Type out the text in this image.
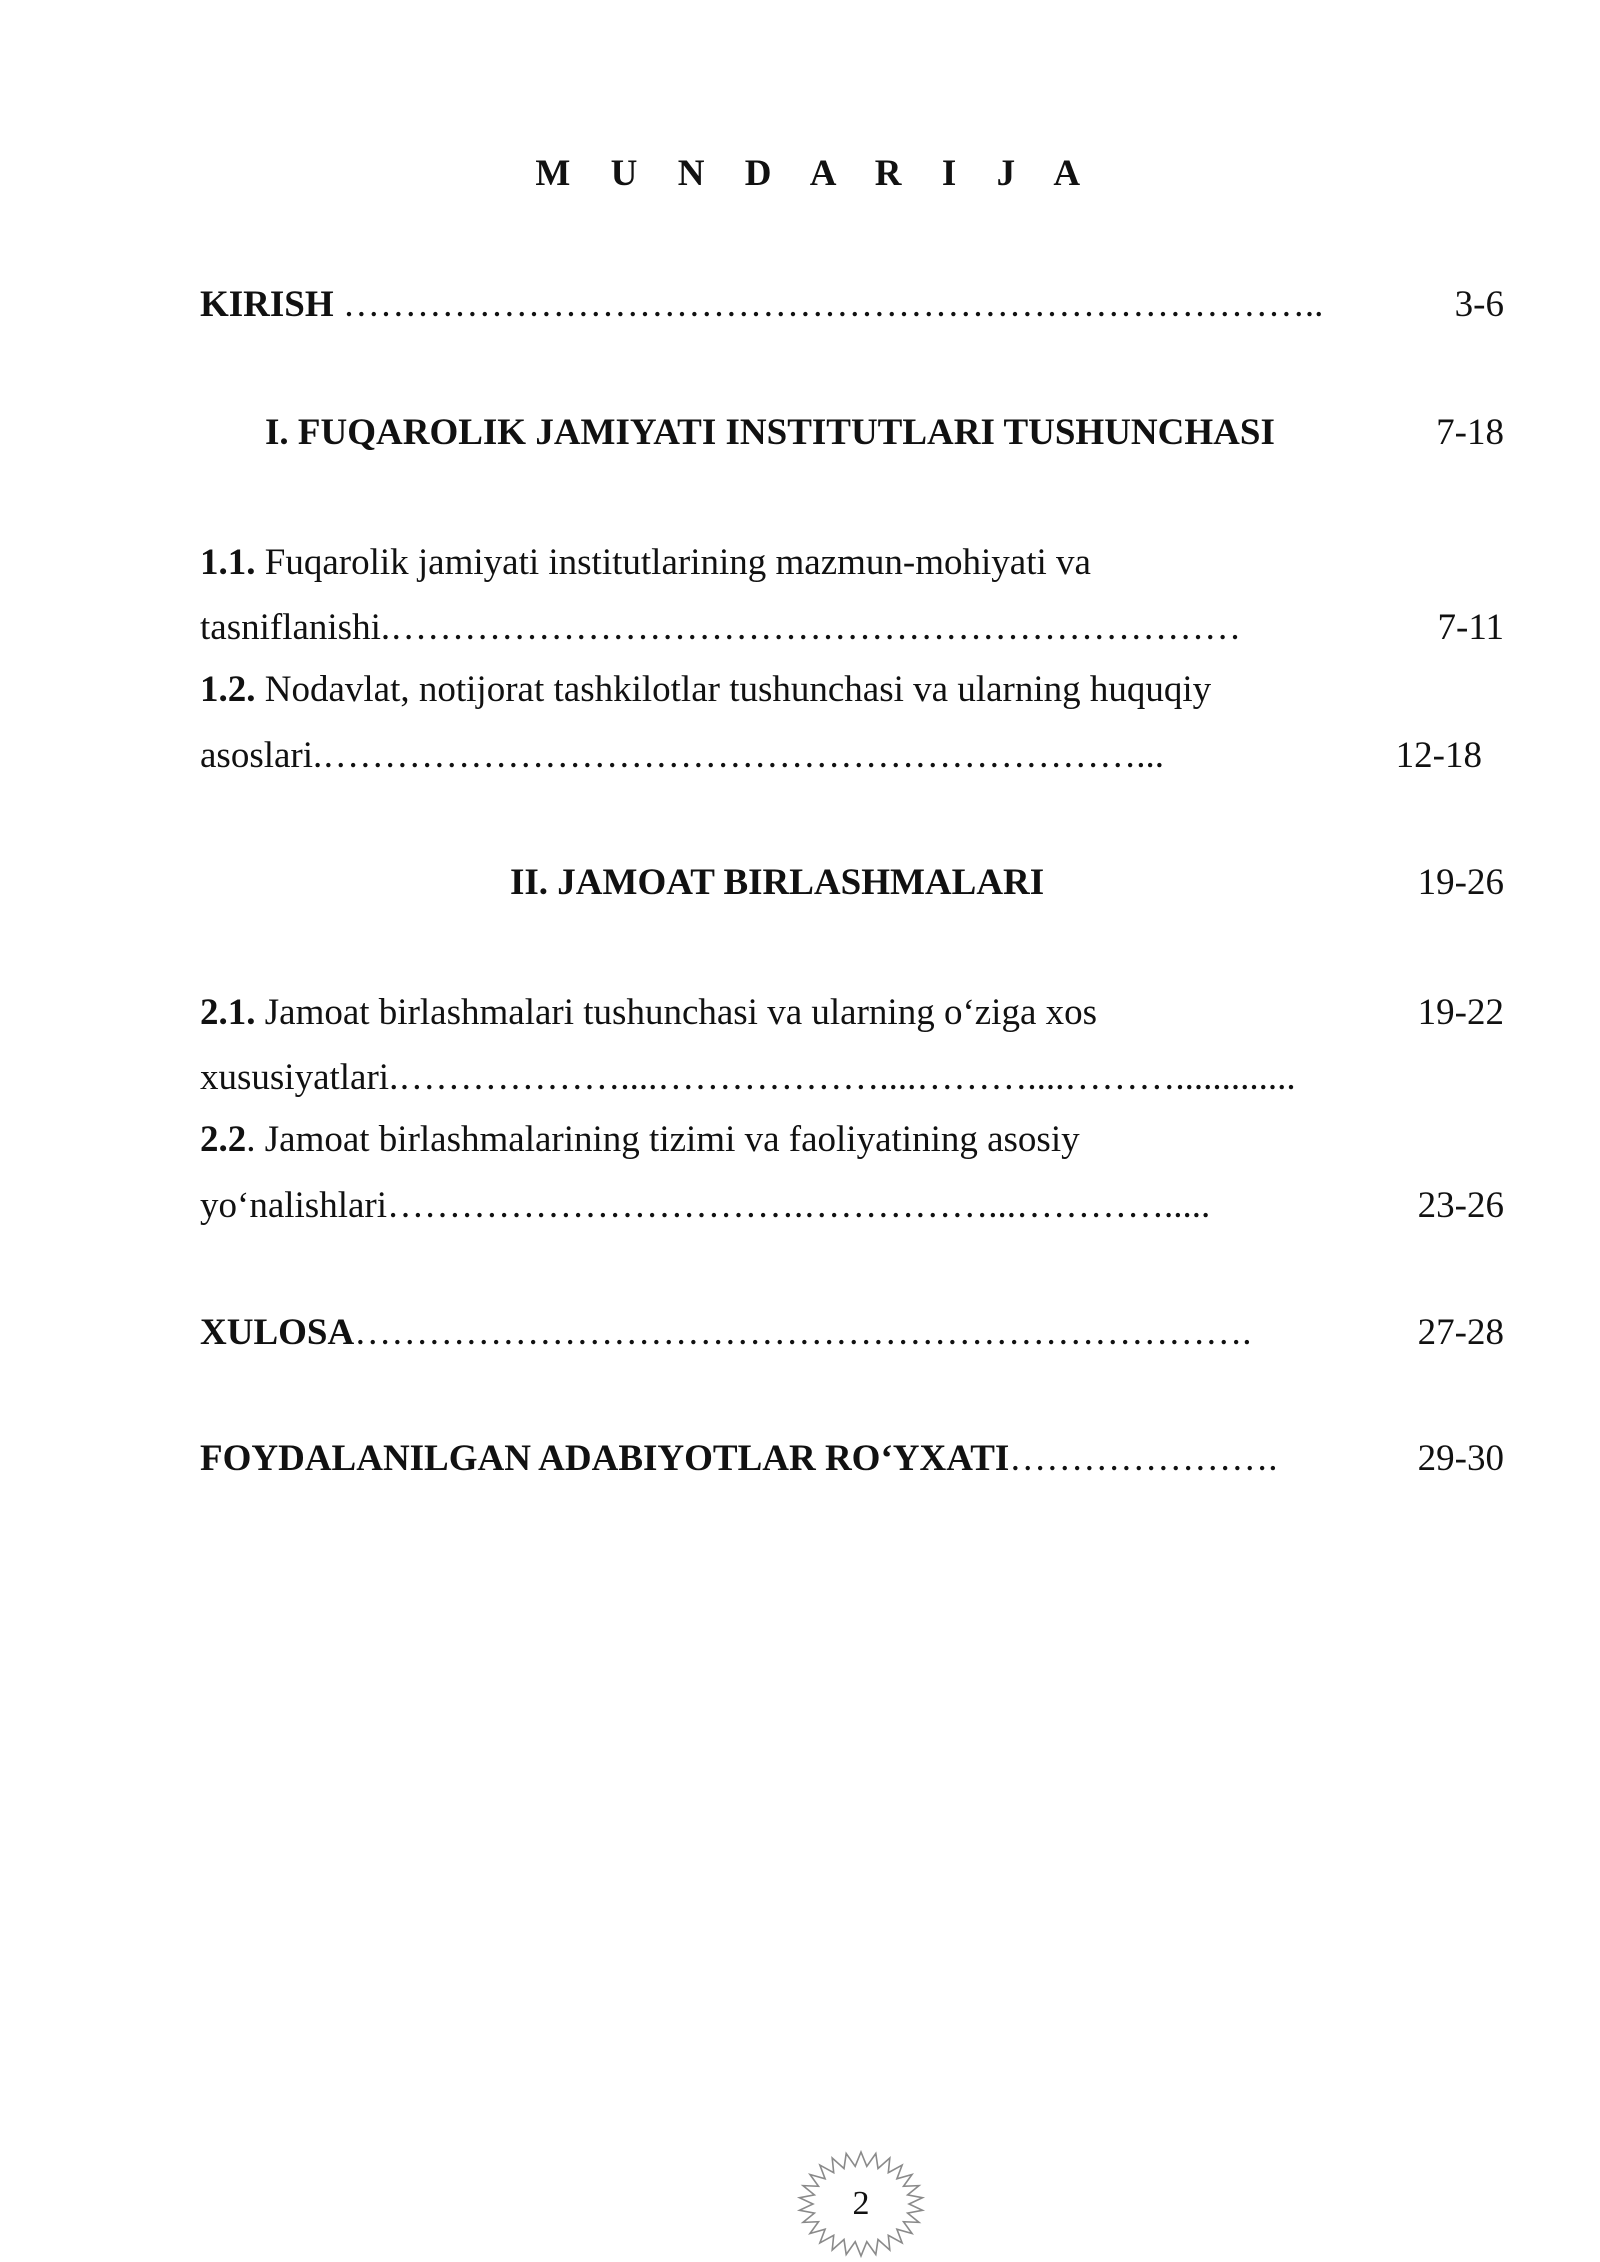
M U N D A R I J A
KIRISH ……………………………………………………………………..	3-6
I. FUQAROLIK JAMIYATI INSTITUTLARI TUSHUNCHASI	7-18
1.1. Fuqarolik jamiyati institutlarining mazmun-mohiyati va
tasniflanishi.……………………………………………………………	7-11
1.2. Nodavlat, notijorat tashkilotlar tushunchasi va ularning huquqiy
asoslari.…………………………………………………………...	12-18
II. JAMOAT BIRLASHMALARI	19-26
2.1. Jamoat birlashmalari tushunchasi va ularning o‘ziga xos	19-22
xususiyatlari.………………....………………....………....……….............
2.2. Jamoat birlashmalarining tizimi va faoliyatining asosiy
yo‘nalishlari…………………………….……………...………….....	23-26
XULOSA……………………………………………………………….	27-28
FOYDALANILGAN ADABIYOTLAR RO‘YXATI………………….	29-30
2
